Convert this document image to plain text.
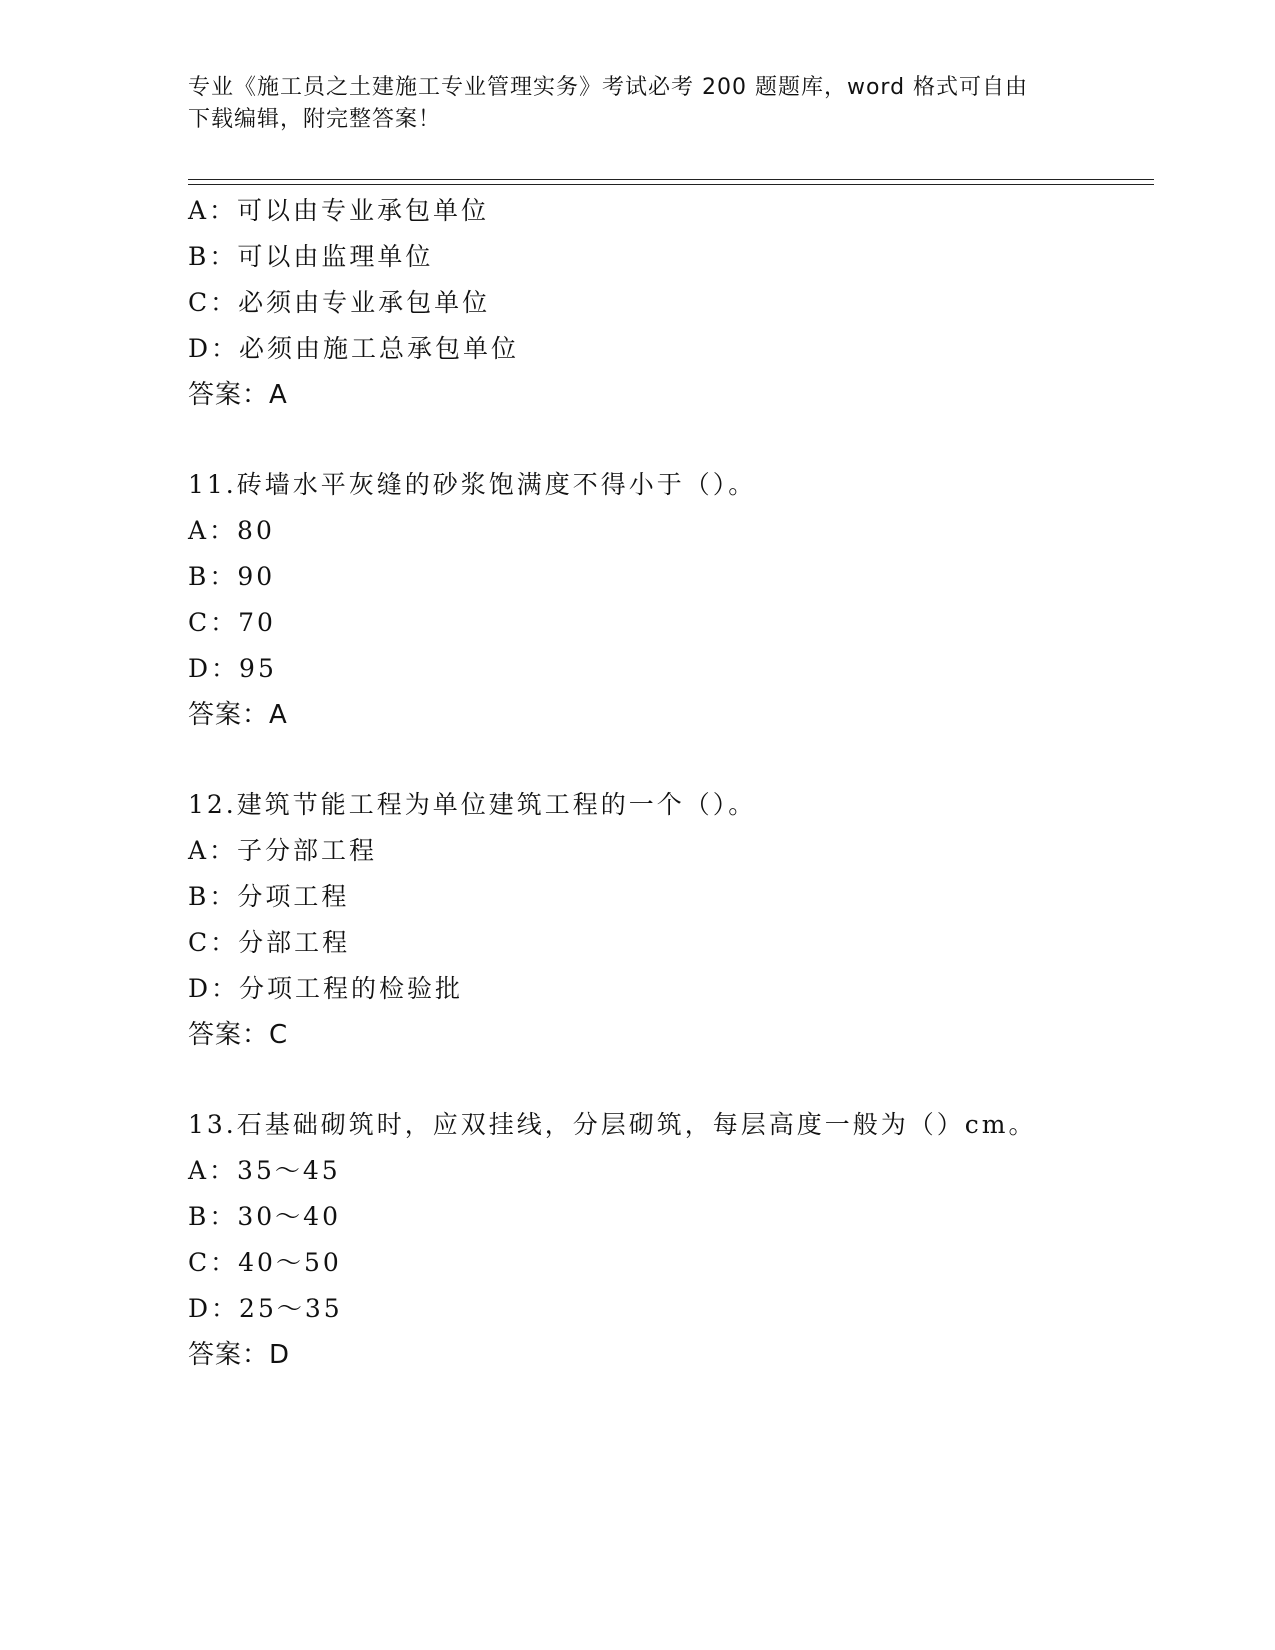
专业《施工员之土建施工专业管理实务》考试必考 200 题题库，word 格式可自由
下载编辑，附完整答案！
A：可以由专业承包单位
B：可以由监理单位
C：必须由专业承包单位
D：必须由施工总承包单位
答案：A
11.砖墙水平灰缝的砂浆饱满度不得小于（）。
A：80
B：90
C：70
D：95
答案：A
12.建筑节能工程为单位建筑工程的一个（）。
A：子分部工程
B：分项工程
C：分部工程
D：分项工程的检验批
答案：C
13.石基础砌筑时，应双挂线，分层砌筑，每层高度一般为（）cm。
A：35～45
B：30～40
C：40～50
D：25～35
答案：D
